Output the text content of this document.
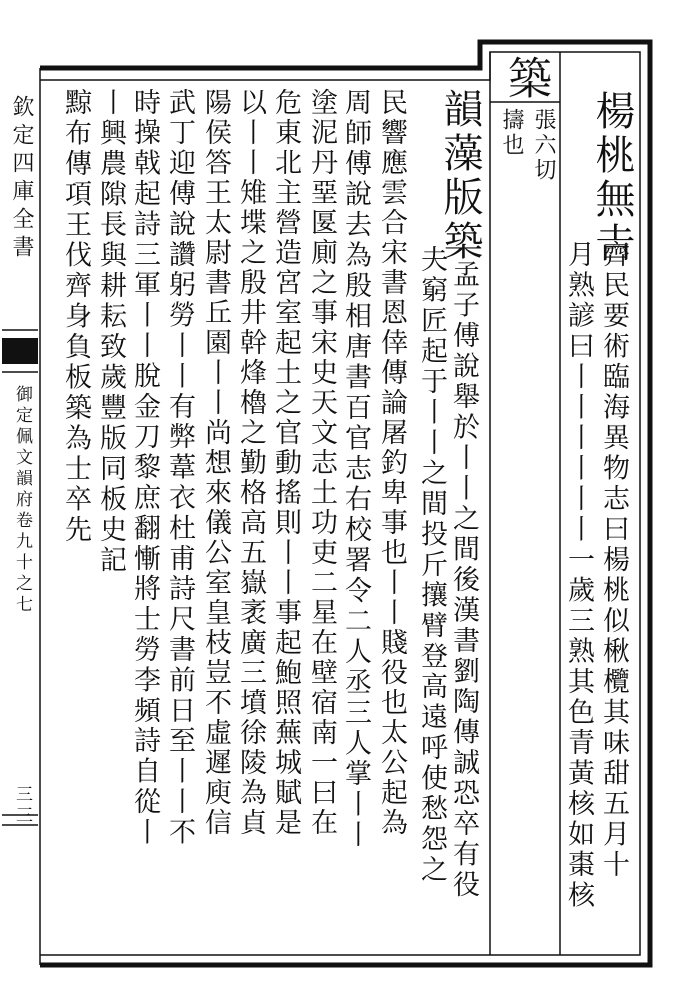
欽定四庫全書
御定佩文韻府卷九十之七
三三
楊桃無𠮷
齊民要術臨海異物志曰楊桃似楸欖其味甜五月十
月熟諺曰丨丨丨丨丨丨一歲三熟其色青黃核如棗核
築
張六切
擣也
韻藻版築
孟子傅說舉於丨丨之間後漢書劉陶傳誠恐卒有役
夫窮匠起于丨丨之間投斤攘臂登高遠呼使愁怨之
民響應雲合宋書恩倖傳論屠釣卑事也丨丨賤役也太公起為
周師傅說去為殷相唐書百官志右校署令二人丞三人掌丨丨
塗泥丹堊匽廁之事宋史天文志土功吏二星在壁宿南一曰在
危東北主營造宮室起土之官動搖則丨丨事起鮑照蕪城賦是
以丨丨雉堞之殷井幹烽櫓之勤格高五嶽袤廣三墳徐陵為貞
陽侯答王太尉書丘園丨丨尚想來儀公室皇枝豈不虛遲庾信
武丁迎傅說讚躬勞丨丨有弊葦衣杜甫詩尺書前日至丨丨不
時操戟起詩三軍丨丨脫金刀黎庶翻慚將士勞李頻詩自從丨
丨興農隙長與耕耘致歲豐版同板史記
黥布傳項王伐齊身負板築為士卒先
